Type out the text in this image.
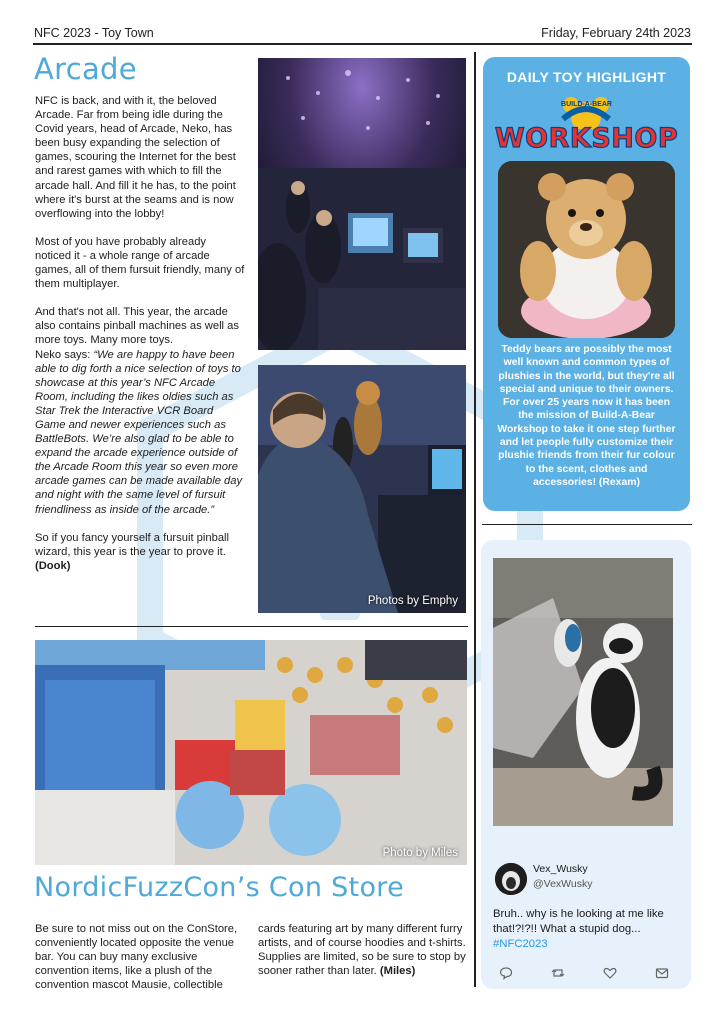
NFC 2023 - Toy Town	Friday, February 24th 2023
Arcade

NFC is back, and with it, the beloved Arcade. Far from being idle during the Covid years, head of Arcade, Neko, has been busy expanding the selection of games, scouring the Internet for the best and rarest games with which to fill the arcade hall. And fill it he has, to the point where it's burst at the seams and is now overflowing into the lobby!

Most of you have probably already noticed it - a whole range of arcade games, all of them fursuit friendly, many of them multiplayer.

And that's not all. This year, the arcade also contains pinball machines as well as more toys. Many more toys.

Neko says: “We are happy to have been able to dig forth a nice selection of toys to showcase at this year’s NFC Arcade Room, including the likes oldies such as Star Trek the Interactive VCR Board Game and newer experiences such as BattleBots. We’re also glad to be able to expand the arcade experience outside of the Arcade Room this year so even more arcade games can be made available day and night with the same level of fursuit friendliness as inside of the arcade.”

So if you fancy yourself a fursuit pinball wizard, this year is the year to prove it. (Dook)

Photos by Emphy
DAILY TOY HIGHLIGHT
BUILD-A-BEAR
WORKSHOP
Teddy bears are possibly the most well known and common types of plushies in the world, but they're all special and unique to their owners. For over 25 years now it has been the mission of Build-A-Bear Workshop to take it one step further and let people fully customize their plushie friends from their fur colour to the scent, clothes and accessories! (Rexam)
Photo by Miles
NordicFuzzCon’s Con Store
Be sure to not miss out on the ConStore, conveniently located opposite the venue bar. You can buy many exclusive convention items, like a plush of the convention mascot Mausie, collectible
cards featuring art by many different furry artists, and of course hoodies and t-shirts. Supplies are limited, so be sure to stop by sooner rather than later. (Miles)
Vex_Wusky
@VexWusky
Bruh.. why is he looking at me like that!?!?!! What a stupid dog...
#NFC2023
